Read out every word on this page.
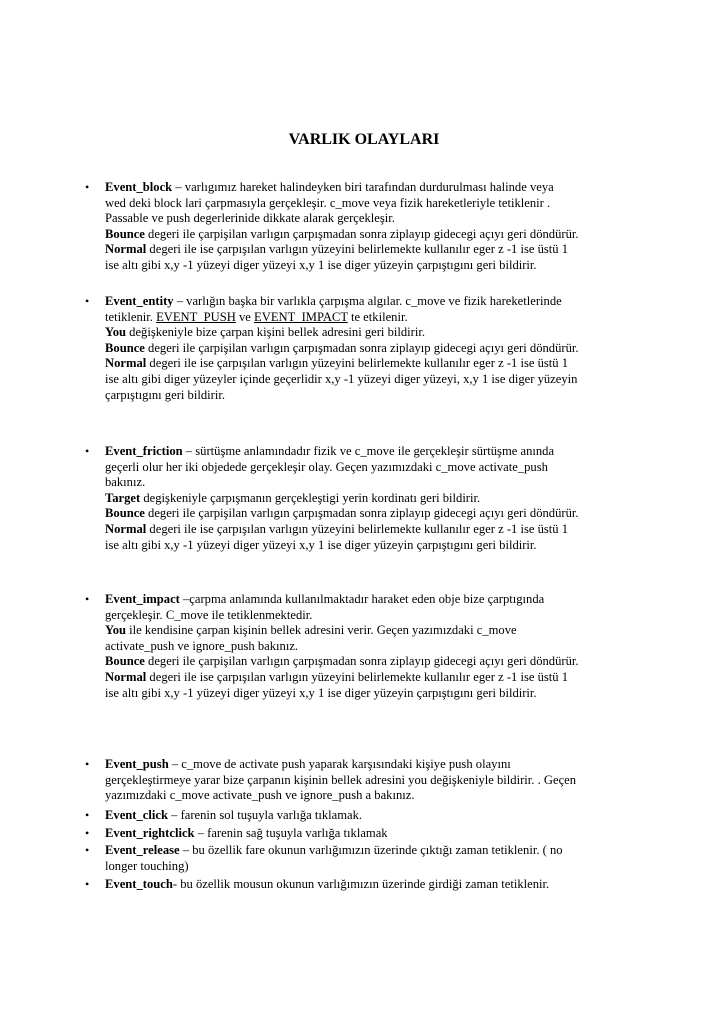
VARLIK OLAYLARI
• Event_block – varlıgımız hareket halindeyken biri tarafından durdurulması halinde veya
wed deki block lari çarpmasıyla gerçekleşir. c_move veya fizik hareketleriyle tetiklenir .
Passable ve push degerlerinide dikkate alarak gerçekleşir.
Bounce degeri ile çarpişilan varlıgın çarpışmadan sonra ziplayıp gidecegi açıyı geri döndürür.
Normal degeri ile ise çarpışılan varlıgın yüzeyini belirlemekte kullanılır eger z -1 ise üstü 1
ise altı gibi x,y -1 yüzeyi diger yüzeyi x,y 1 ise diger yüzeyin çarpıştıgını geri bildirir.
• Event_entity – varlığın başka bir varlıkla çarpışma algılar. c_move ve fizik hareketlerinde
tetiklenir. EVENT_PUSH ve EVENT_IMPACT te etkilenir.
You değişkeniyle bize çarpan kişini bellek adresini geri bildirir.
Bounce degeri ile çarpişilan varlıgın çarpışmadan sonra ziplayıp gidecegi açıyı geri döndürür.
Normal degeri ile ise çarpışılan varlıgın yüzeyini belirlemekte kullanılır eger z -1 ise üstü 1
ise altı gibi diger yüzeyler içinde geçerlidir x,y -1 yüzeyi diger yüzeyi, x,y 1 ise diger yüzeyin
çarpıştıgını geri bildirir.
• Event_friction – sürtüşme anlamındadır fizik ve c_move ile gerçekleşir sürtüşme anında
geçerli olur her iki objedede gerçekleşir olay. Geçen yazımızdaki c_move activate_push
bakınız.
Target degişkeniyle çarpışmanın gerçekleştigi yerin kordinatı geri bildirir.
Bounce degeri ile çarpişilan varlıgın çarpışmadan sonra ziplayıp gidecegi açıyı geri döndürür.
Normal degeri ile ise çarpışılan varlıgın yüzeyini belirlemekte kullanılır eger z -1 ise üstü 1
ise altı gibi x,y -1 yüzeyi diger yüzeyi x,y 1 ise diger yüzeyin çarpıştıgını geri bildirir.
• Event_impact –çarpma anlamında kullanılmaktadır haraket eden obje bize çarptıgında
gerçekleşir. C_move ile tetiklenmektedir.
You ile kendisine çarpan kişinin bellek adresini verir. Geçen yazımızdaki c_move
activate_push ve ignore_push bakınız.
Bounce degeri ile çarpişilan varlıgın çarpışmadan sonra ziplayıp gidecegi açıyı geri döndürür.
Normal degeri ile ise çarpışılan varlıgın yüzeyini belirlemekte kullanılır eger z -1 ise üstü 1
ise altı gibi x,y -1 yüzeyi diger yüzeyi x,y 1 ise diger yüzeyin çarpıştıgını geri bildirir.
• Event_push – c_move de activate push yaparak karşısındaki kişiye push olayını
gerçekleştirmeye yarar bize çarpanın kişinin bellek adresini you değişkeniyle bildirir. . Geçen
yazımızdaki c_move activate_push ve ignore_push a bakınız.
• Event_click – farenin sol tuşuyla varlığa tıklamak.
• Event_rightclick – farenin sağ tuşuyla varlığa tıklamak
• Event_release – bu özellik fare okunun varlığımızın üzerinde çıktığı zaman tetiklenir. ( no
longer touching)
• Event_touch- bu özellik mousun okunun varlığımızın üzerinde girdiği zaman tetiklenir.
